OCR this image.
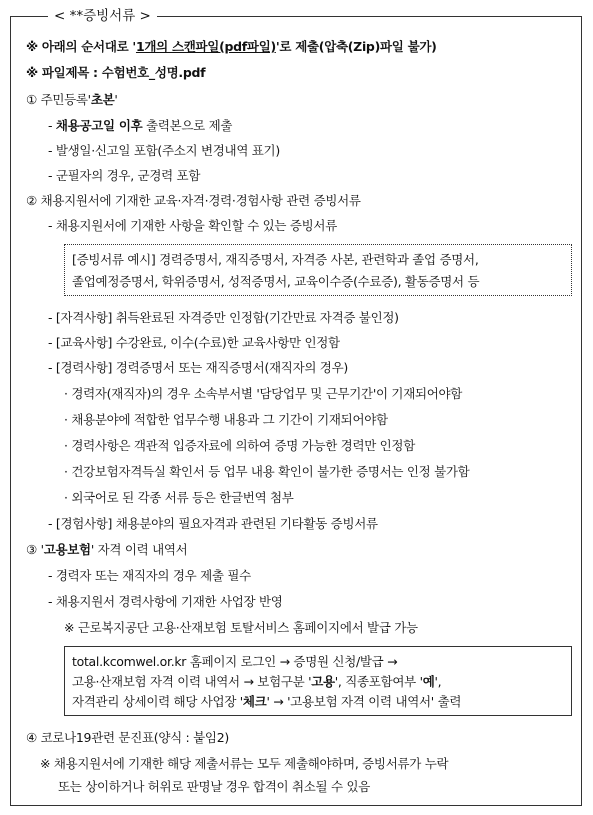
< **증빙서류 >
※ 아래의 순서대로 '1개의 스캔파일(pdf파일)'로 제출(압축(Zip)파일 불가)
※ 파일제목 : 수험번호_성명.pdf
① 주민등록'초본'
- 채용공고일 이후 출력본으로 제출
- 발생일·신고일 포함(주소지 변경내역 표기)
- 군필자의 경우, 군경력 포함
② 채용지원서에 기재한 교육·자격·경력·경험사항 관련 증빙서류
- 채용지원서에 기재한 사항을 확인할 수 있는 증빙서류
[증빙서류 예시] 경력증명서, 재직증명서, 자격증 사본, 관련학과 졸업 증명서,
졸업예정증명서, 학위증명서, 성적증명서, 교육이수증(수료증), 활동증명서 등
- [자격사항] 취득완료된 자격증만 인정함(기간만료 자격증 불인정)
- [교육사항] 수강완료, 이수(수료)한 교육사항만 인정함
- [경력사항] 경력증명서 또는 재직증명서(재직자의 경우)
· 경력자(재직자)의 경우 소속부서별 '담당업무 및 근무기간'이 기재되어야함
· 채용분야에 적합한 업무수행 내용과 그 기간이 기재되어야함
· 경력사항은 객관적 입증자료에 의하여 증명 가능한 경력만 인정함
· 건강보험자격득실 확인서 등 업무 내용 확인이 불가한 증명서는 인정 불가함
· 외국어로 된 각종 서류 등은 한글번역 첨부
- [경험사항] 채용분야의 필요자격과 관련된 기타활동 증빙서류
③ '고용보험' 자격 이력 내역서
- 경력자 또는 재직자의 경우 제출 필수
- 채용지원서 경력사항에 기재한 사업장 반영
※ 근로복지공단 고용·산재보험 토탈서비스 홈페이지에서 발급 가능
total.kcomwel.or.kr 홈페이지 로그인 → 증명원 신청/발급 →
고용·산재보험 자격 이력 내역서 → 보험구분 '고용', 직종포함여부 '예',
자격관리 상세이력 해당 사업장 '체크' → '고용보험 자격 이력 내역서' 출력
④ 코로나19관련 문진표(양식 : 붙임2)
※ 채용지원서에 기재한 해당 제출서류는 모두 제출해야하며, 증빙서류가 누락
또는 상이하거나 허위로 판명날 경우 합격이 취소될 수 있음
